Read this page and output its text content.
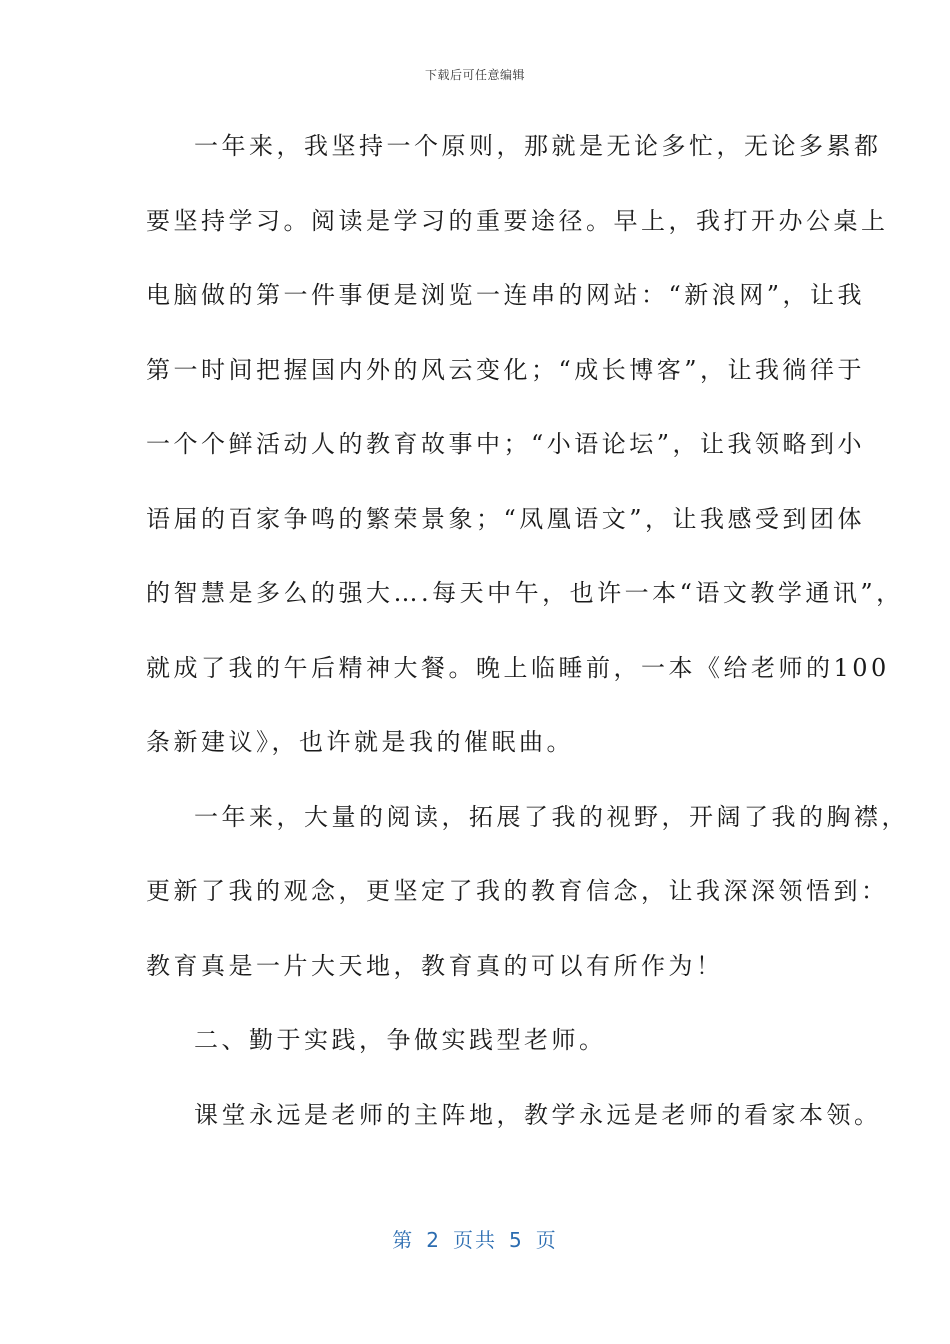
下载后可任意编辑
一年来，我坚持一个原则，那就是无论多忙，无论多累都
要坚持学习。阅读是学习的重要途径。早上，我打开办公桌上
电脑做的第一件事便是浏览一连串的网站：“新浪网”，让我
第一时间把握国内外的风云变化；“成长博客”，让我徜徉于
一个个鲜活动人的教育故事中；“小语论坛”，让我领略到小
语届的百家争鸣的繁荣景象；“凤凰语文”，让我感受到团体
的智慧是多么的强大….每天中午，也许一本“语文教学通讯”，
就成了我的午后精神大餐。晚上临睡前，一本《给老师的100
条新建议》，也许就是我的催眠曲。
一年来，大量的阅读，拓展了我的视野，开阔了我的胸襟，
更新了我的观念，更坚定了我的教育信念，让我深深领悟到：
教育真是一片大天地，教育真的可以有所作为！
二、勤于实践，争做实践型老师。
课堂永远是老师的主阵地，教学永远是老师的看家本领。
第 2 页共 5 页
